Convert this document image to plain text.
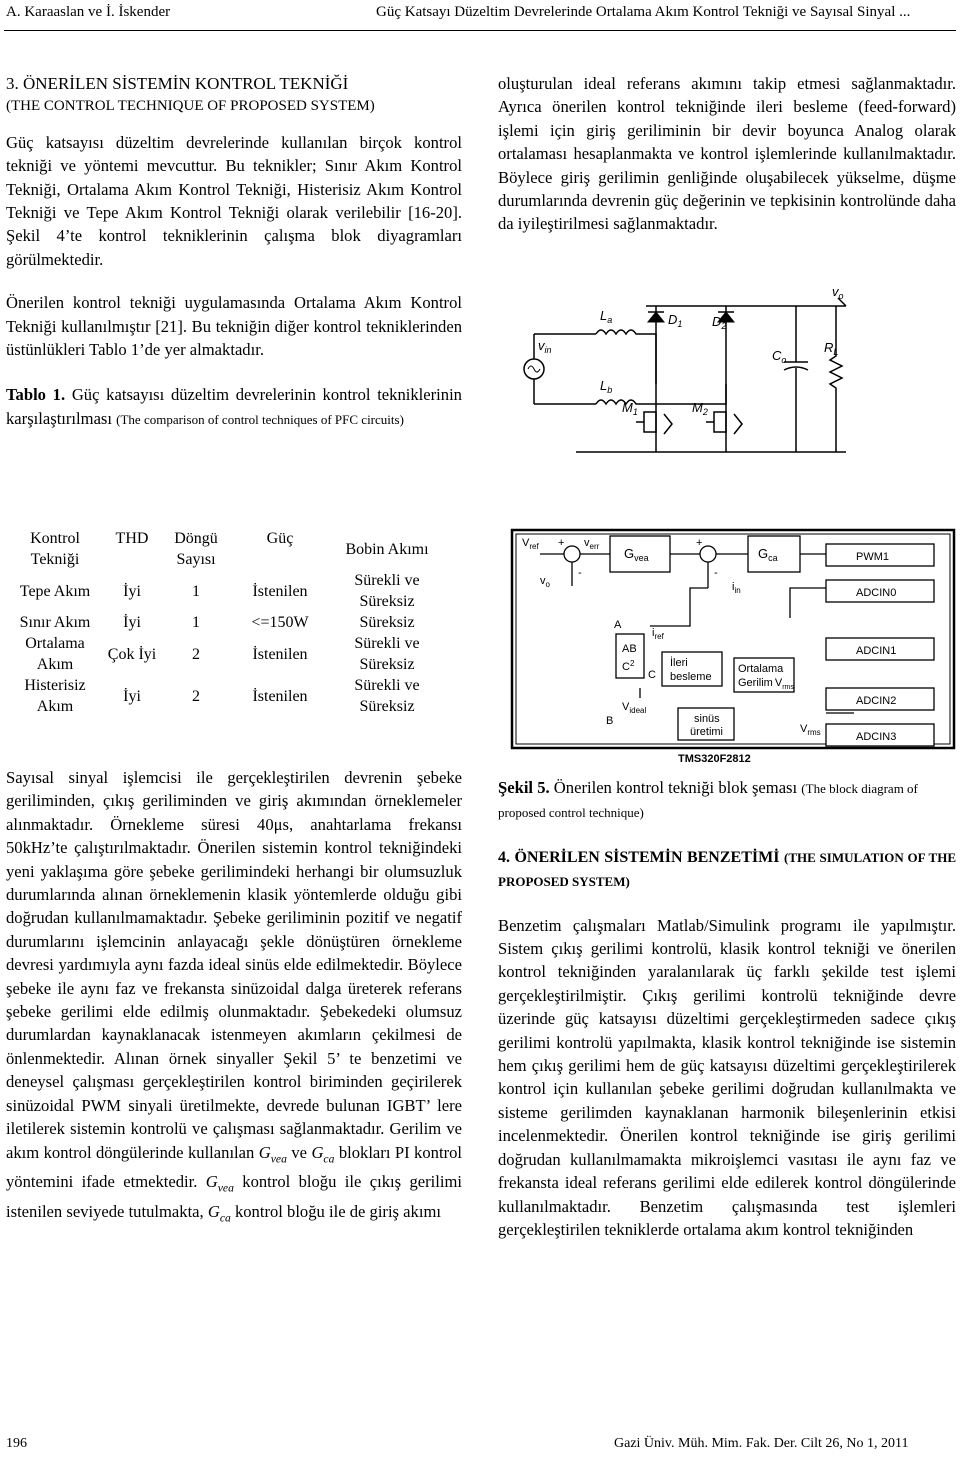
A. Karaaslan ve İ. İskender	Güç Katsayı Düzeltim Devrelerinde Ortalama Akım Kontrol Tekniği ve Sayısal Sinyal ...
3. ÖNERİLEN SİSTEMİN KONTROL TEKNİĞİ
(THE CONTROL TECHNIQUE OF PROPOSED SYSTEM)

Güç katsayısı düzeltim devrelerinde kullanılan birçok kontrol tekniği ve yöntemi mevcuttur. Bu teknikler; Sınır Akım Kontrol Tekniği, Ortalama Akım Kontrol Tekniği, Histerisiz Akım Kontrol Tekniği ve Tepe Akım Kontrol Tekniği olarak verilebilir [16-20]. Şekil 4’te kontrol tekniklerinin çalışma blok diyagramları görülmektedir.

Önerilen kontrol tekniği uygulamasında Ortalama Akım Kontrol Tekniği kullanılmıştır [21]. Bu tekniğin diğer kontrol tekniklerinden üstünlükleri Tablo 1’de yer almaktadır.

Tablo 1. Güç katsayısı düzeltim devrelerinin kontrol tekniklerinin karşılaştırılması (The comparison of control techniques of PFC circuits)

Kontrol Tekniği	THD	Döngü Sayısı	Güç	Bobin Akımı
Tepe Akım	İyi	1	İstenilen	Sürekli ve Süreksiz
Sınır Akım	İyi	1	<=150W	Süreksiz
Ortalama Akım	Çok İyi	2	İstenilen	Sürekli ve Süreksiz
Histerisiz Akım	İyi	2	İstenilen	Sürekli ve Süreksiz

Sayısal sinyal işlemcisi ile gerçekleştirilen devrenin şebeke geriliminden, çıkış geriliminden ve giriş akımından örneklemeler alınmaktadır. Örnekleme süresi 40μs, anahtarlama frekansı 50kHz’te çalıştırılmaktadır. Önerilen sistemin kontrol tekniğindeki yeni yaklaşıma göre şebeke gerilimindeki herhangi bir olumsuzluk durumlarında alınan örneklemenin klasik yöntemlerde olduğu gibi doğrudan kullanılmamaktadır. Şebeke geriliminin pozitif ve negatif durumlarını işlemcinin anlayacağı şekle dönüştüren örnekleme devresi yardımıyla aynı fazda ideal sinüs elde edilmektedir. Böylece şebeke ile aynı faz ve frekansta sinüzoidal dalga üreterek referans şebeke gerilimi elde edilmiş olunmaktadır. Şebekedeki olumsuz durumlardan kaynaklanacak istenmeyen akımların çekilmesi de önlenmektedir. Alınan örnek sinyaller Şekil 5’ te benzetimi ve deneysel çalışması gerçekleştirilen kontrol biriminden geçirilerek sinüzoidal PWM sinyali üretilmekte, devrede bulunan IGBT’ lere iletilerek sistemin kontrolü ve çalışması sağlanmaktadır. Gerilim ve akım kontrol döngülerinde kullanılan $G_{vea}$ ve $G_{ca}$ blokları PI kontrol yöntemini ifade etmektedir. $G_{vea}$ kontrol bloğu ile çıkış gerilimi istenilen seviyede tutulmakta, $G_{ca}$ kontrol bloğu ile de giriş akımı

oluşturulan ideal referans akımını takip etmesi sağlanmaktadır. Ayrıca önerilen kontrol tekniğinde ileri besleme (feed-forward) işlemi için giriş geriliminin bir devir boyunca Analog olarak ortalaması hesaplanmakta ve kontrol işlemlerinde kullanılmaktadır. Böylece giriş gerilimin genliğinde oluşabilecek yükselme, düşme durumlarında devrenin güç değerinin ve tepkisinin kontrolünde daha da iyileştirilmesi sağlanmaktadır.

$v_o$
$D_1$ $D_2$
$L_a$
$L_b$
$v_{in}$	$C_o$
$R_L$
$M_1$	$M_2$
$V_{ref}$	$v_{err}$
+
-
+
-
$G_{vea}$	$G_{ca}$
$v_o$	$i_{in}$
$i_{ref}$
A
B
C
AB
$C^2$	İleri
besleme
Ortalama
Gerilim $V_{rms}$
$V_{rms}$
$V_{ideal}$
sinüs
üretimi
PWM1
ADCIN0
ADCIN1
ADCIN2
ADCIN3
TMS320F2812

Şekil 5. Önerilen kontrol tekniği blok şeması (The block diagram of proposed control technique)

4. ÖNERİLEN SİSTEMİN BENZETİMİ (THE SIMULATION OF THE PROPOSED SYSTEM)

Benzetim çalışmaları Matlab/Simulink programı ile yapılmıştır. Sistem çıkış gerilimi kontrolü, klasik kontrol tekniği ve önerilen kontrol tekniğinden yaralanılarak üç farklı şekilde test işlemi gerçekleştirilmiştir. Çıkış gerilimi kontrolü tekniğinde devre üzerinde güç katsayısı düzeltimi gerçekleştirmeden sadece çıkış gerilimi kontrolü yapılmakta, klasik kontrol tekniğinde ise sistemin hem çıkış gerilimi hem de güç katsayısı düzeltimi gerçekleştirilerek kontrol için kullanılan şebeke gerilimi doğrudan kullanılmakta ve sisteme gerilimden kaynaklanan harmonik bileşenlerinin etkisi incelenmektedir. Önerilen kontrol tekniğinde ise giriş gerilimi doğrudan kullanılmamakta mikroişlemci vasıtası ile aynı faz ve frekansta ideal referans gerilimi elde edilerek kontrol döngülerinde kullanılmaktadır. Benzetim çalışmasında test işlemleri gerçekleştirilen tekniklerde ortalama akım kontrol tekniğinden

196	Gazi Üniv. Müh. Mim. Fak. Der. Cilt 26, No 1, 2011
